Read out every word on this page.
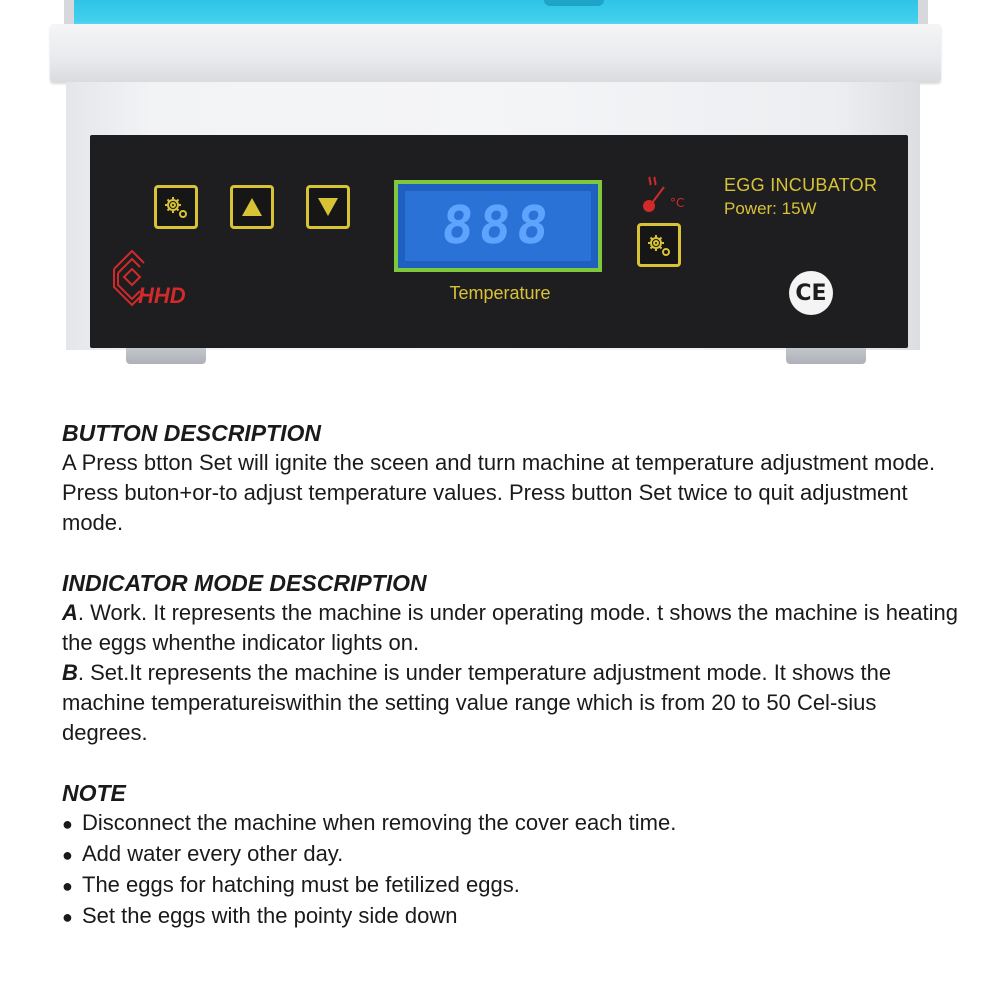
HHD
888
Temperature
°C
EGG INCUBATOR
Power: 15W
CE
BUTTON DESCRIPTION

A Press btton Set will ignite the sceen and turn machine at temperature adjustment mode. Press buton+or-to adjust temperature values. Press button Set twice to quit adjustment mode.

INDICATOR MODE DESCRIPTION

A. Work. It represents the machine is under operating mode. t shows the machine is heating the eggs whenthe indicator lights on.

B. Set.It represents the machine is under temperature adjustment mode. It shows the machine temperatureiswithin the setting value range which is from 20 to 50 Cel-sius degrees.

NOTE
● Disconnect the machine when removing the cover each time.
● Add water every other day.
● The eggs for hatching must be fetilized eggs.
● Set the eggs with the pointy side down
